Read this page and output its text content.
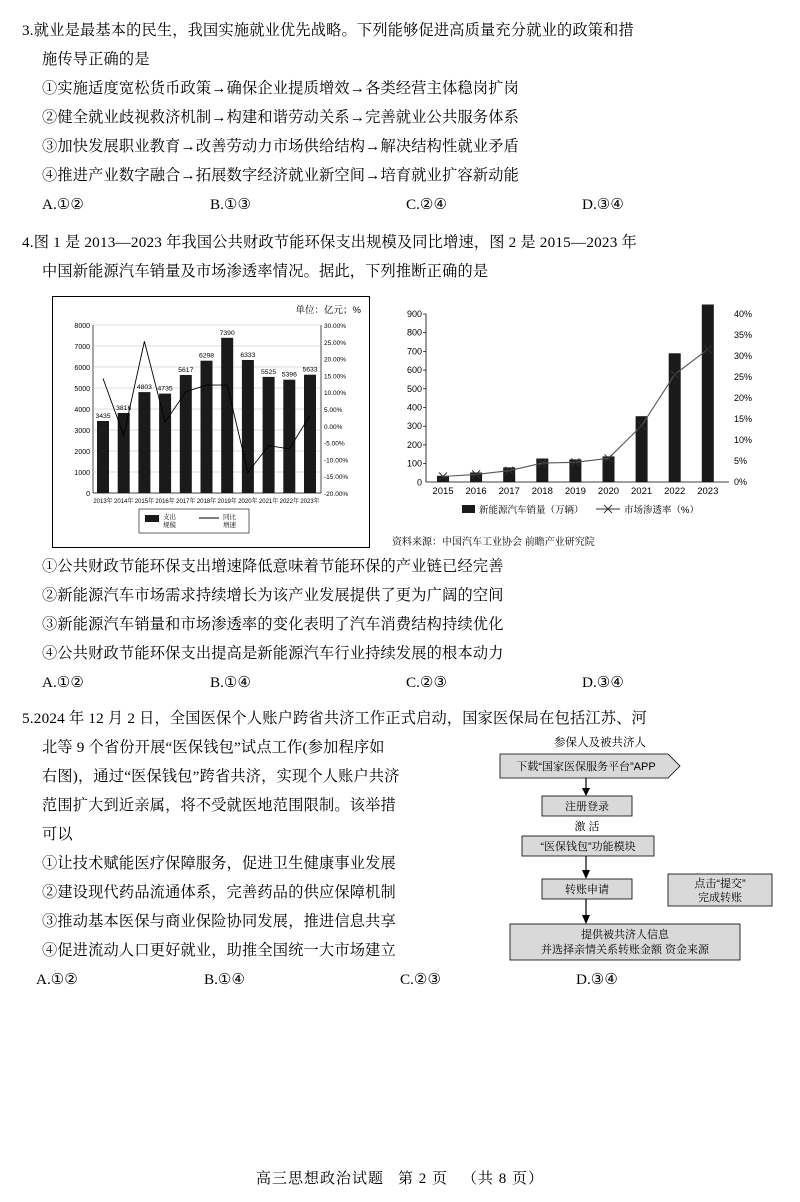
3.就业是最基本的民生，我国实施就业优先战略。下列能够促进高质量充分就业的政策和措
施传导正确的是
①实施适度宽松货币政策→确保企业提质增效→各类经营主体稳岗扩岗
②健全就业歧视救济机制→构建和谐劳动关系→完善就业公共服务体系
③加快发展职业教育→改善劳动力市场供给结构→解决结构性就业矛盾
④推进产业数字融合→拓展数字经济就业新空间→培育就业扩容新动能
A.①②	B.①③	C.②④	D.③④
4.图 1 是 2013—2023 年我国公共财政节能环保支出规模及同比增速，图 2 是 2015—2023 年
中国新能源汽车销量及市场渗透率情况。据此，下列推断正确的是
单位：亿元；%
8000
7000
6000
5000
4000
3000
2000
1000
0
30.00%
25.00%
20.00%
15.00%
10.00%
5.00%
0.00%
-5.00%
-10.00%
-15.00%
-20.00%
3435
3816
4803 4735
5617
6298
7390
6333
5525 5396
5633
2013年 2014年 2015年 2016年 2017年 2018年 2019年 2020年 2021年 2022年 2023年
支出
规模
同比
增速
900
800
700
600
500
400
300
200
100
0
40%
35%
30%
25%
20%
15%
10%
5%
0%
2015 2016 2017 2018 2019 2020 2021 2022 2023
新能源汽车销量（万辆）	市场渗透率（%）
资料来源：中国汽车工业协会 前瞻产业研究院
①公共财政节能环保支出增速降低意味着节能环保的产业链已经完善
②新能源汽车市场需求持续增长为该产业发展提供了更为广阔的空间
③新能源汽车销量和市场渗透率的变化表明了汽车消费结构持续优化
④公共财政节能环保支出提高是新能源汽车行业持续发展的根本动力
A.①②	B.①④	C.②③	D.③④
5.2024 年 12 月 2 日，全国医保个人账户跨省共济工作正式启动，国家医保局在包括江苏、河
北等 9 个省份开展“医保钱包”试点工作(参加程序如
右图)，通过“医保钱包”跨省共济，实现个人账户共济
范围扩大到近亲属，将不受就医地范围限制。该举措
可以
参保人及被共济人
下载“国家医保服务平台”APP
注册登录
激 活
“医保钱包”功能模块
转账申请	点击“提交”
完成转账
提供被共济人信息
并选择亲情关系转账金额 资金来源
①让技术赋能医疗保障服务，促进卫生健康事业发展
②建设现代药品流通体系，完善药品的供应保障机制
③推动基本医保与商业保险协同发展，推进信息共享
④促进流动人口更好就业，助推全国统一大市场建立
A.①②	B.①④	C.②③	D.③④
高三思想政治试题 第 2 页 （共 8 页）
